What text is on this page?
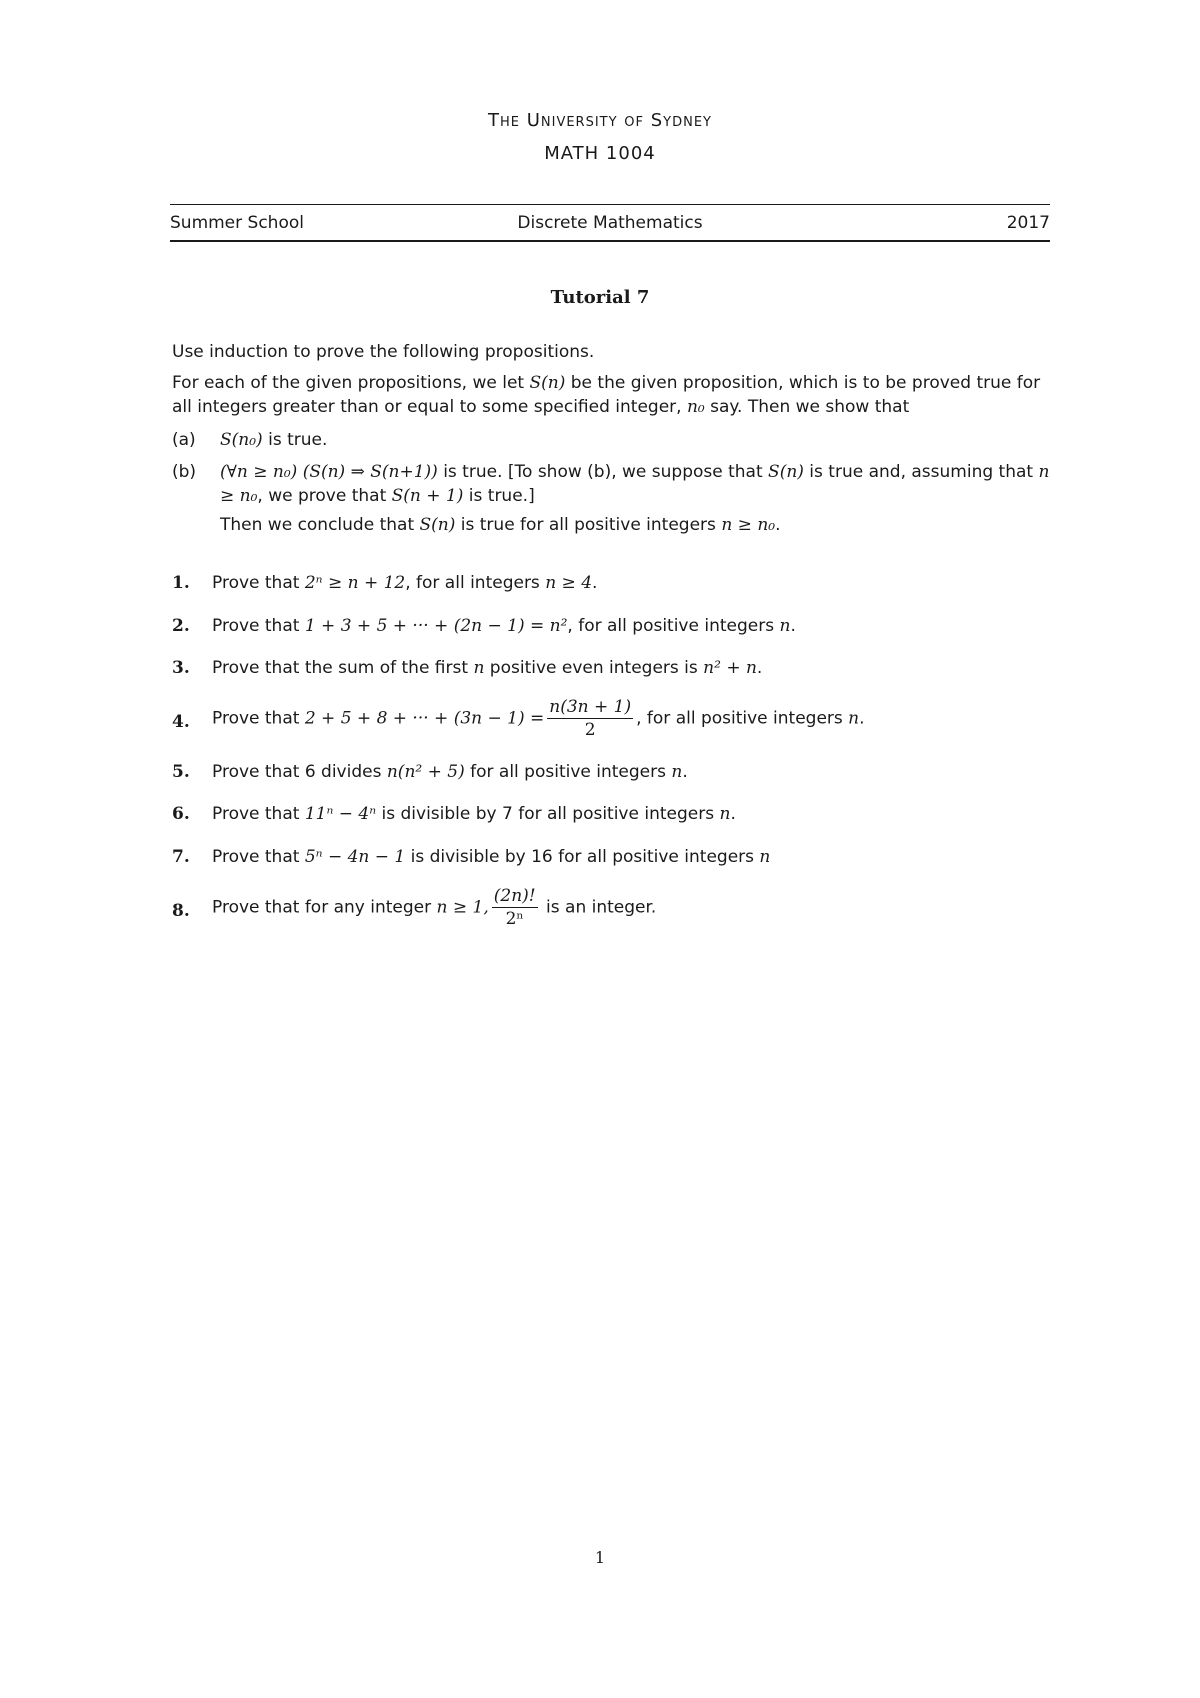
The University of Sydney
MATH 1004
Summer School	Discrete Mathematics	2017
Tutorial 7
Use induction to prove the following propositions.
For each of the given propositions, we let S(n) be the given proposition, which is to be proved true for all integers greater than or equal to some specified integer, n₀ say. Then we show that
(a) S(n₀) is true.
(b) (∀n ≥ n₀) (S(n) ⇒ S(n+1)) is true. [To show (b), we suppose that S(n) is true and, assuming that n ≥ n₀, we prove that S(n + 1) is true.]
Then we conclude that S(n) is true for all positive integers n ≥ n₀.
1. Prove that 2ⁿ ≥ n + 12, for all integers n ≥ 4.
2. Prove that 1 + 3 + 5 + ··· + (2n − 1) = n², for all positive integers n.
3. Prove that the sum of the first n positive even integers is n² + n.
4. Prove that 2 + 5 + 8 + ··· + $(3n - 1) = \frac{n(3n + 1)}{2}$ , for all positive integers n.
5. Prove that 6 divides n(n² + 5) for all positive integers n.
6. Prove that 11ⁿ − 4ⁿ is divisible by 7 for all positive integers n.
7. Prove that 5ⁿ − 4n − 1 is divisible by 16 for all positive integers n
8. Prove that for any integer n ≥ 1, $\frac{(2n)!}{\text{2ⁿ}}$ is an integer.
1
